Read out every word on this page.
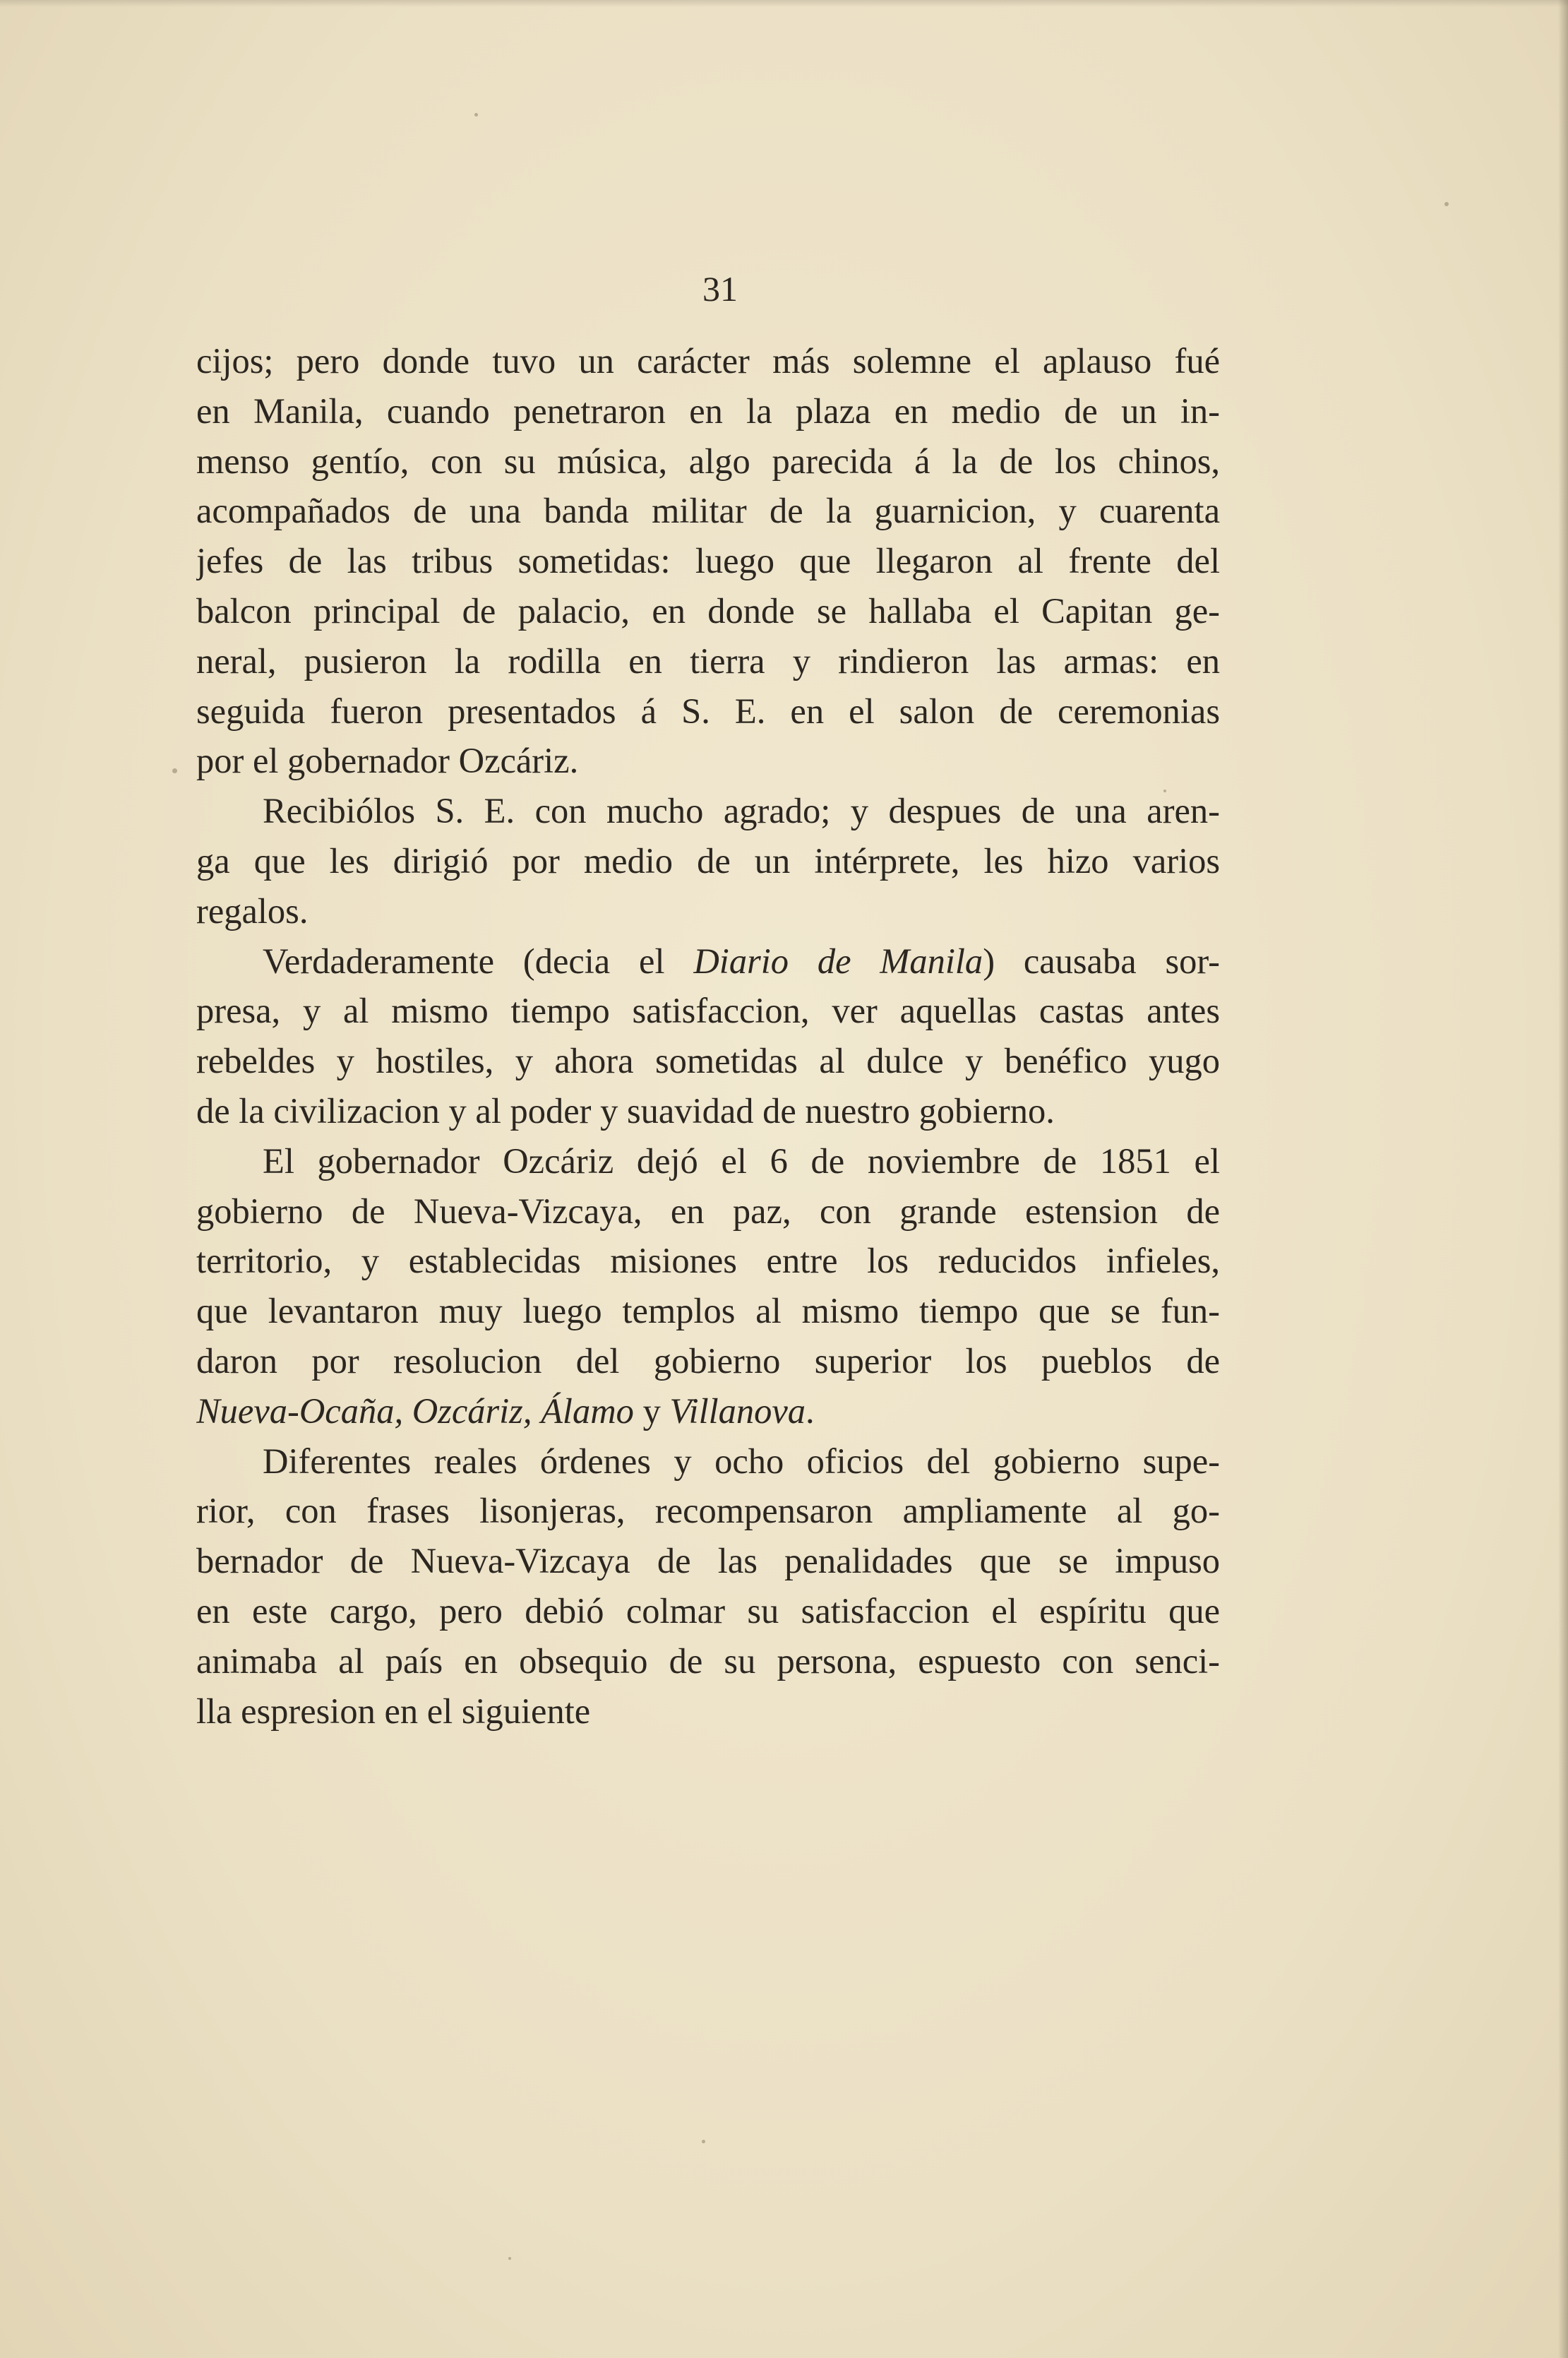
31
cijos; pero donde tuvo un carácter más solemne el aplauso fué
en Manila, cuando penetraron en la plaza en medio de un in-
menso gentío, con su música, algo parecida á la de los chinos,
acompañados de una banda militar de la guarnicion, y cuarenta
jefes de las tribus sometidas: luego que llegaron al frente del
balcon principal de palacio, en donde se hallaba el Capitan ge-
neral, pusieron la rodilla en tierra y rindieron las armas: en
seguida fueron presentados á S. E. en el salon de ceremonias
por el gobernador Ozcáriz.
Recibiólos S. E. con mucho agrado; y despues de una aren-
ga que les dirigió por medio de un intérprete, les hizo varios
regalos.
Verdaderamente (decia el Diario de Manila) causaba sor-
presa, y al mismo tiempo satisfaccion, ver aquellas castas antes
rebeldes y hostiles, y ahora sometidas al dulce y benéfico yugo
de la civilizacion y al poder y suavidad de nuestro gobierno.
El gobernador Ozcáriz dejó el 6 de noviembre de 1851 el
gobierno de Nueva-Vizcaya, en paz, con grande estension de
territorio, y establecidas misiones entre los reducidos infieles,
que levantaron muy luego templos al mismo tiempo que se fun-
daron por resolucion del gobierno superior los pueblos de
Nueva-Ocaña, Ozcáriz, Álamo y Villanova.
Diferentes reales órdenes y ocho oficios del gobierno supe-
rior, con frases lisonjeras, recompensaron ampliamente al go-
bernador de Nueva-Vizcaya de las penalidades que se impuso
en este cargo, pero debió colmar su satisfaccion el espíritu que
animaba al país en obsequio de su persona, espuesto con senci-
lla espresion en el siguiente
